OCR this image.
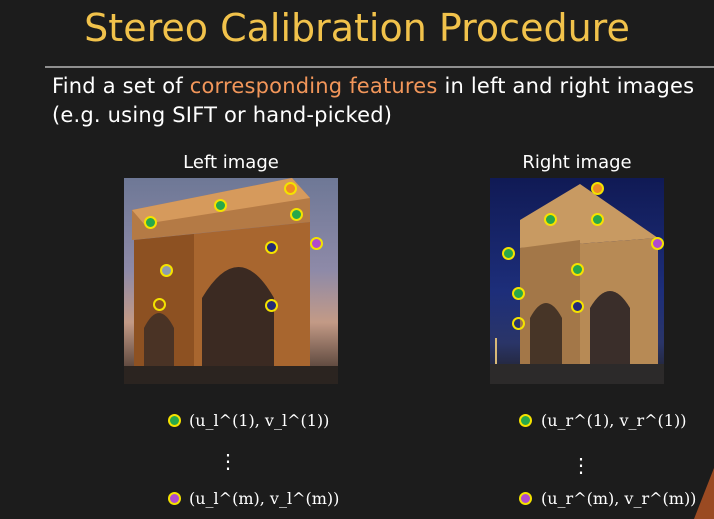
Stereo Calibration Procedure
Find a set of corresponding features in left and right images
(e.g. using SIFT or hand-picked)
Left image	Right image
(u_l^(1), v_l^(1))
⋮
(u_l^(m), v_l^(m))
(u_r^(1), v_r^(1))
⋮
(u_r^(m), v_r^(m))
